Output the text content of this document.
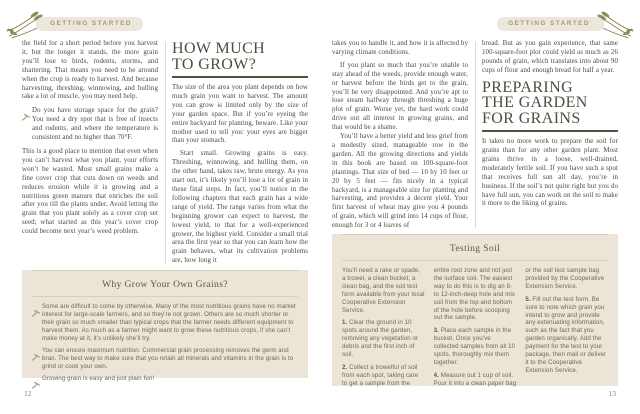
GETTING STARTED

the field for a short period before you harvest it, but the longer it stands, the more grain you’ll lose to birds, rodents, storms, and shattering. That means you need to be around when the crop is ready to harvest. And because harvesting, threshing, winnowing, and hulling take a lot of muscle, you may need help.

Do you have storage space for the grain? You need a dry spot that is free of insects and rodents, and where the temperature is consistent and no higher than 70°F.

This is a good place to mention that even when you can’t harvest what you plant, your efforts won’t be wasted. Most small grains make a fine cover crop that cuts down on weeds and reduces erosion while it is growing and a nutritious green manure that enriches the soil after you till the plants under. Avoid letting the grain that you plant solely as a cover crop set seed; what started as this year’s cover crop could become next year’s weed problem.

HOW MUCH
TO GROW?

The size of the area you plant depends on how much grain you want to harvest. The amount you can grow is limited only by the size of your garden space. But if you’re eyeing the entire backyard for planting, beware. Like your mother used to tell you: your eyes are bigger than your stomach.

Start small. Growing grains is easy. Threshing, winnowing, and hulling them, on the other hand, takes raw, brute energy. As you start out, it’s likely you’ll lose a lot of grain in these final steps. In fact, you’ll notice in the following chapters that each grain has a wide range of yield. The range varies from what the beginning grower can expect to harvest, the lowest yield, to that for a well-experienced grower, the highest yield. Consider a small trial area the first year so that you can learn how the grain behaves, what its cultivation problems are, how long it

Why Grow Your Own Grains?

Some are difficult to come by otherwise. Many of the most nutritious grains have no market interest for large-scale farmers, and so they’re not grown. Others are so much shorter or their grain so much smaller than typical crops that the farmer needs different equipment to harvest them. As much as a farmer might want to grow these nutritious crops, if she can’t make money at it, it’s unlikely she’ll try.

You can ensure maximum nutrition. Commercial grain processing removes the germ and bran. The best way to make sure that you retain all minerals and vitamins in the grain is to grind or cook your own.

Growing grain is easy and just plain fun!

12
GETTING STARTED

takes you to handle it, and how it is affected by varying climate conditions.

If you plant so much that you’re unable to stay ahead of the weeds, provide enough water, or harvest before the birds get to the grain, you’ll be very disappointed. And you’re apt to lose steam halfway through threshing a huge plot of grain. Worse yet, the hard work could drive out all interest in growing grains, and that would be a shame.

You’ll have a better yield and less grief from a modestly sized, manageable row in the garden. All the growing directions and yields in this book are based on 100-square-foot plantings. That size of bed — 10 by 10 feet or 20 by 5 feet — fits nicely in a typical backyard, is a manageable size for planting and harvesting, and provides a decent yield. Your first harvest of wheat may give you 4 pounds of grain, which will grind into 14 cups of flour, enough for 3 or 4 loaves of

bread. But as you gain experience, that same 100-square-foot plot could yield as much as 26 pounds of grain, which translates into about 90 cups of flour and enough bread for half a year.

PREPARING
THE GARDEN
FOR GRAINS

It takes no more work to prepare the soil for grains than for any other garden plant. Most grains thrive in a loose, well-drained, moderately fertile soil. If you have such a spot that receives full sun all day, you’re in business. If the soil’s not quite right but you do have full sun, you can work on the soil to make it more to the liking of grains.

Testing Soil

You’ll need a rake or spade, a trowel, a clean bucket, a clean bag, and the soil test form available from your local Cooperative Extension Service.

1. Clear the ground in 10 spots around the garden, removing any vegetation or debris and the first inch of soil.

2. Collect a trowelful of soil from each spot, taking care to get a sample from the

entire root zone and not just the surface soil. The easiest way to do this is to dig an 8- to 12-inch-deep hole and mix soil from the top and bottom of the hole before scooping out the sample.

3. Place each sample in the bucket. Once you’ve collected samples from all 10 spots, thoroughly mix them together.

4. Measure out 1 cup of soil. Pour it into a clean paper bag

or the soil test sample bag provided by the Cooperative Extension Service.

5. Fill out the test form. Be sure to note which grain you intend to grow and provide any extenuating information, such as the fact that you garden organically. Add the payment for the test to your package, then mail or deliver it to the Cooperative Extension Service.

13
